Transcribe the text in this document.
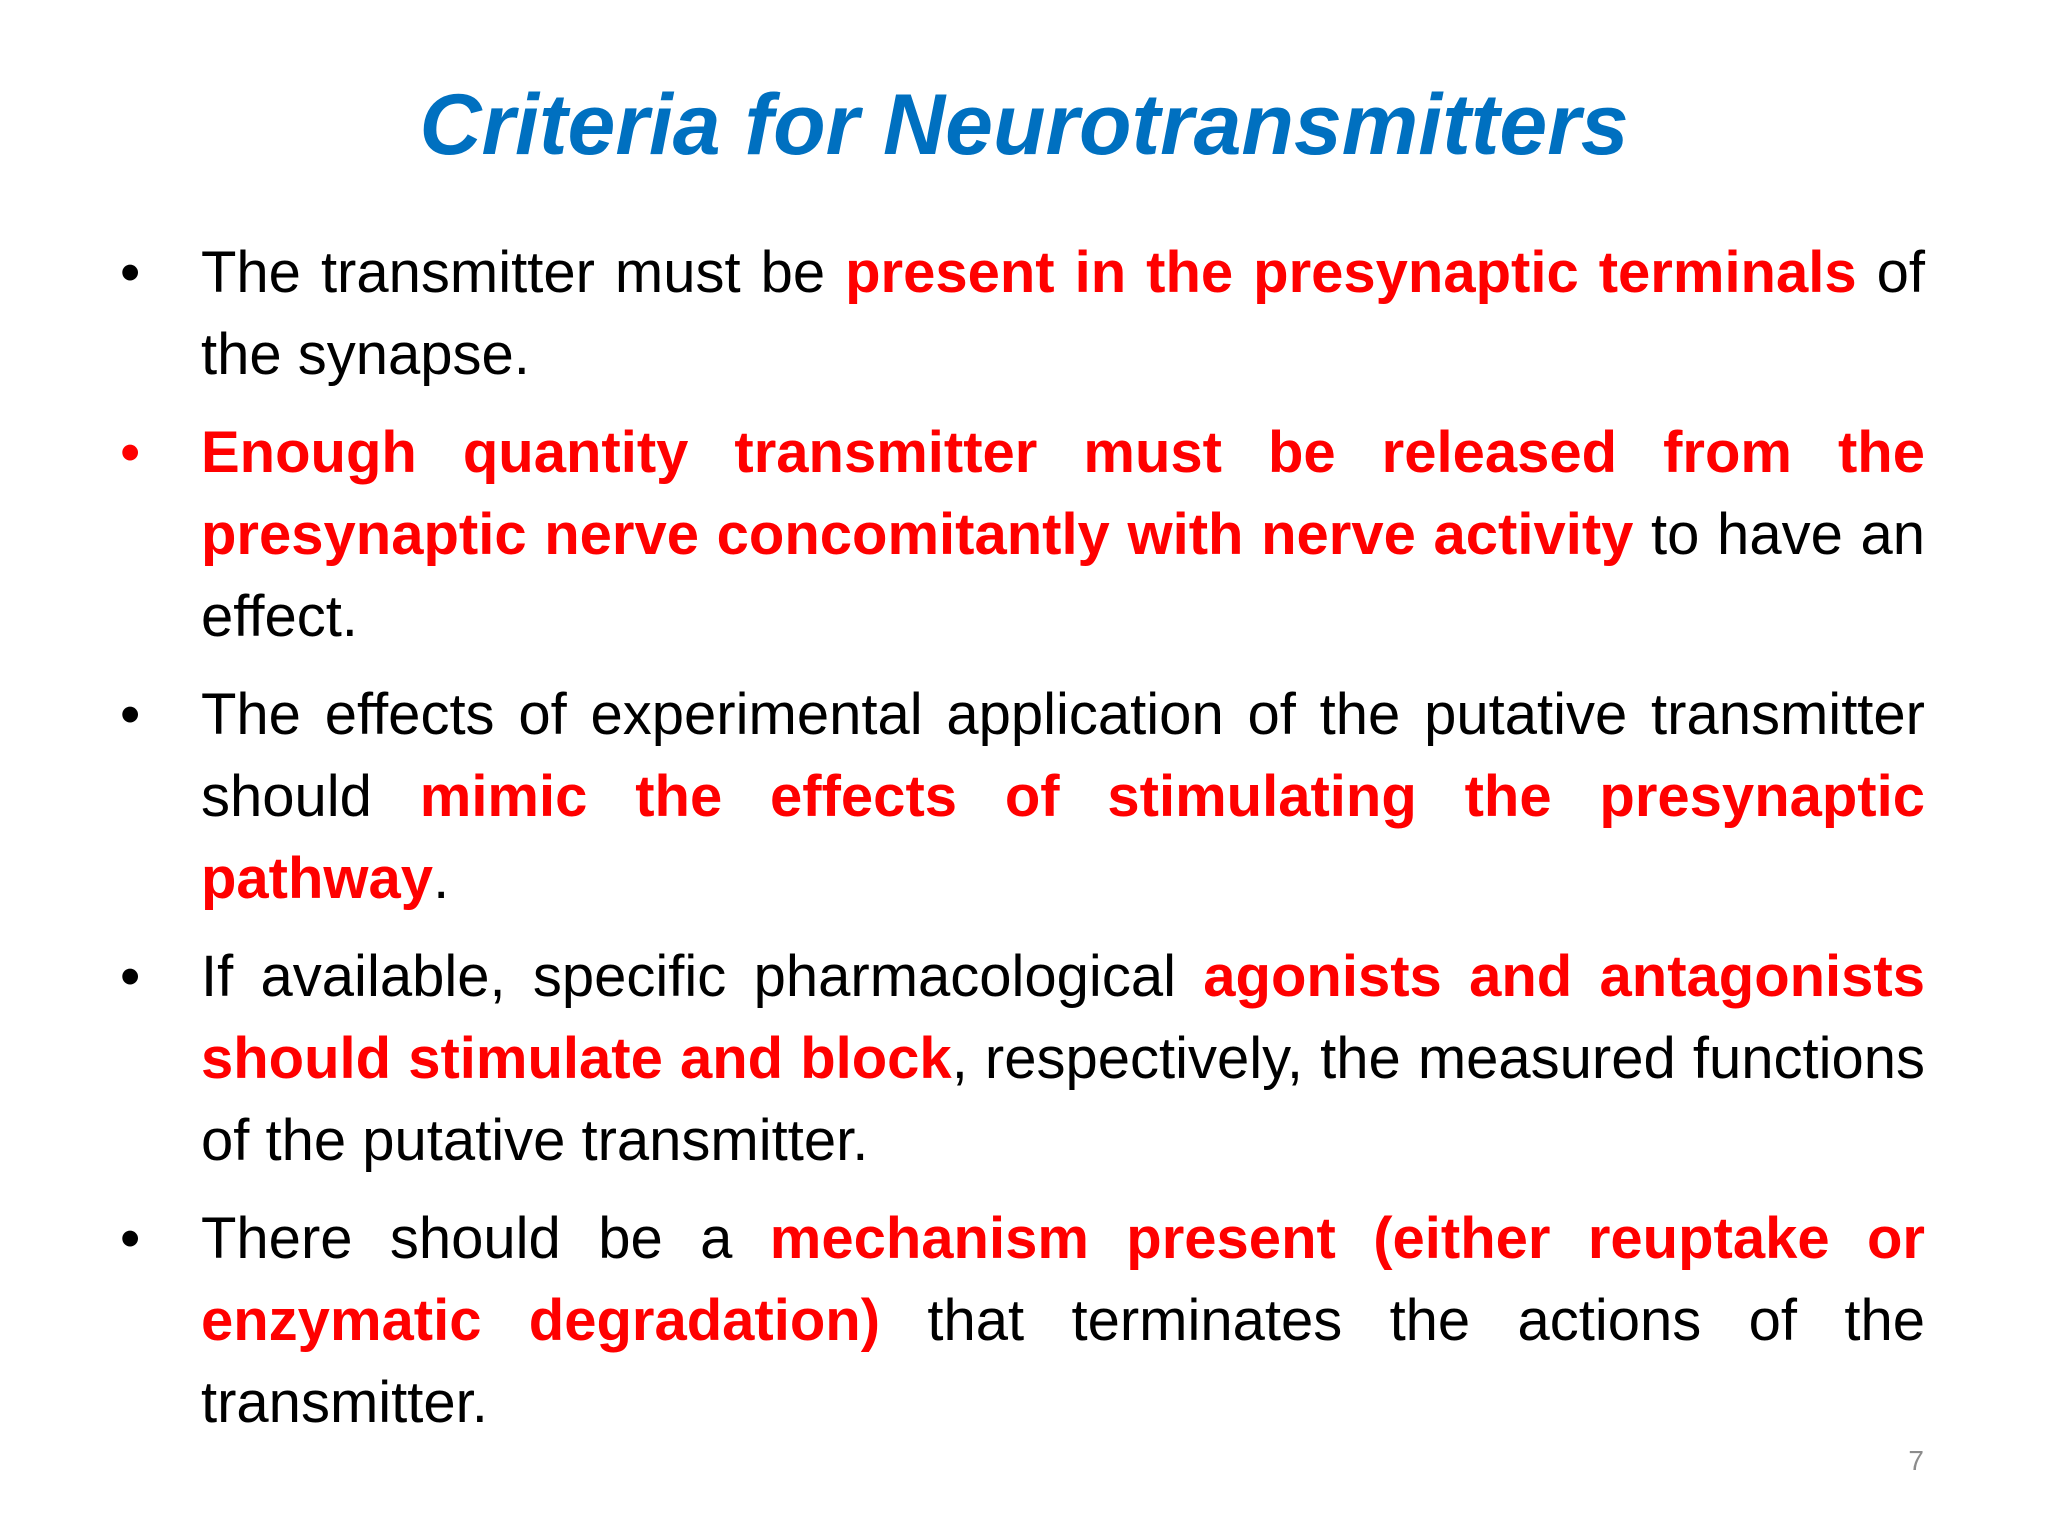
Criteria for Neurotransmitters
•	The transmitter must be present in the presynaptic terminals of the synapse.
•	Enough quantity transmitter must be released from the presynaptic nerve concomitantly with nerve activity to have an effect.
•	The effects of experimental application of the putative transmitter should mimic the effects of stimulating the presynaptic pathway.
•	If available, specific pharmacological agonists and antagonists should stimulate and block, respectively, the measured functions of the putative transmitter.
•	There should be a mechanism present (either reuptake or enzymatic degradation) that terminates the actions of the transmitter.
7
